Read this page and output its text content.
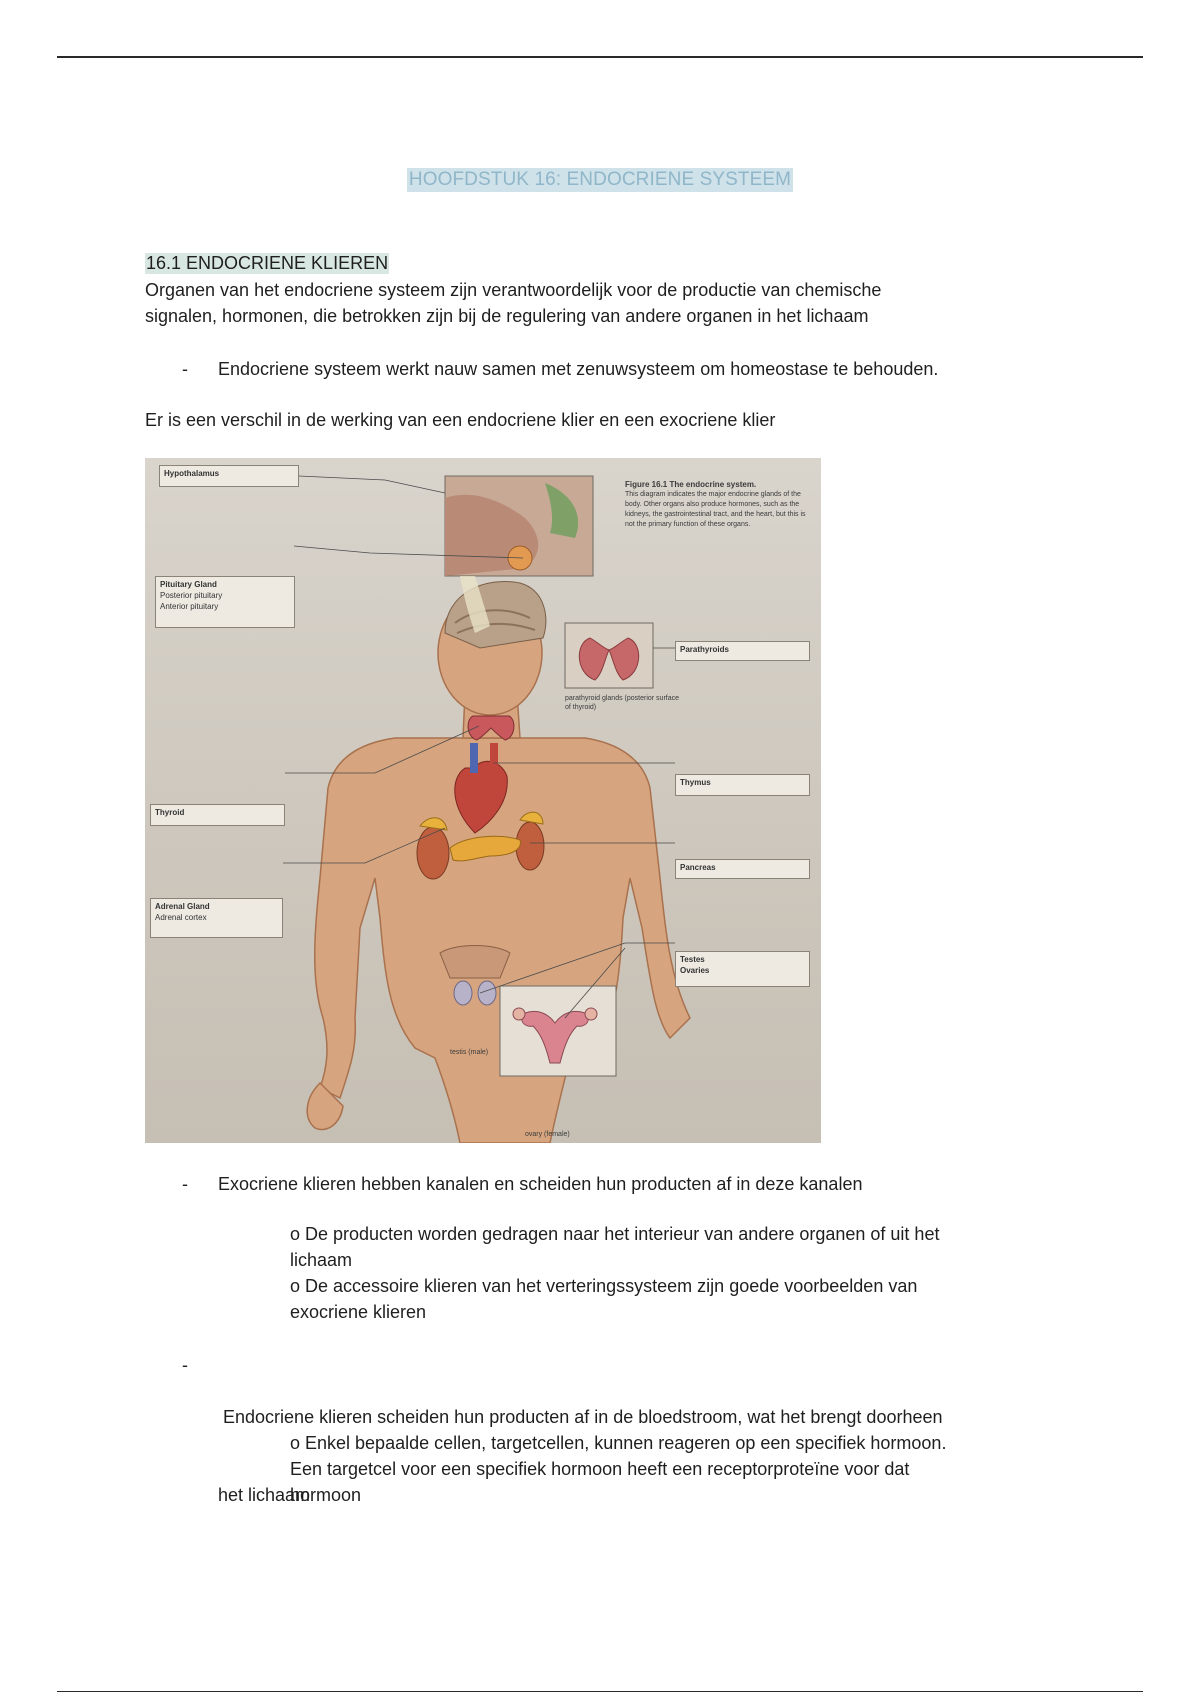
HOOFDSTUK 16: ENDOCRIENE SYSTEEM
16.1 ENDOCRIENE KLIEREN
Organen van het endocriene systeem zijn verantwoordelijk voor de productie van chemische
signalen, hormonen, die betrokken zijn bij de regulering van andere organen in het lichaam
- Endocriene systeem werkt nauw samen met zenuwsysteem om homeostase te behouden.
Er is een verschil in de werking van een endocriene klier en een exocriene klier
Hypothalamus
Pituitary Gland
Posterior pituitary
Anterior pituitary
Thyroid
Adrenal Gland
Adrenal cortex
Parathyroids
Thymus
Pancreas
Testes
Ovaries
Figure 16.1 The endocrine system.
This diagram indicates the major endocrine glands of the body. Other organs also produce hormones, such as the kidneys, the gastrointestinal tract, and the heart, but this is not the primary function of these organs.
parathyroid glands (posterior surface of thyroid)
testis (male)
ovary (female)
- Exocriene klieren hebben kanalen en scheiden hun producten af in deze kanalen
o De producten worden gedragen naar het interieur van andere organen of uit het
lichaam
o De accessoire klieren van het verteringssysteem zijn goede voorbeelden van
exocriene klieren
-

Endocriene klieren scheiden hun producten af in de bloedstroom, wat het brengt doorheen

het lichaam

o Enkel bepaalde cellen, targetcellen, kunnen reageren op een specifiek hormoon.
Een targetcel voor een specifiek hormoon heeft een receptorproteïne voor dat
hormoon
